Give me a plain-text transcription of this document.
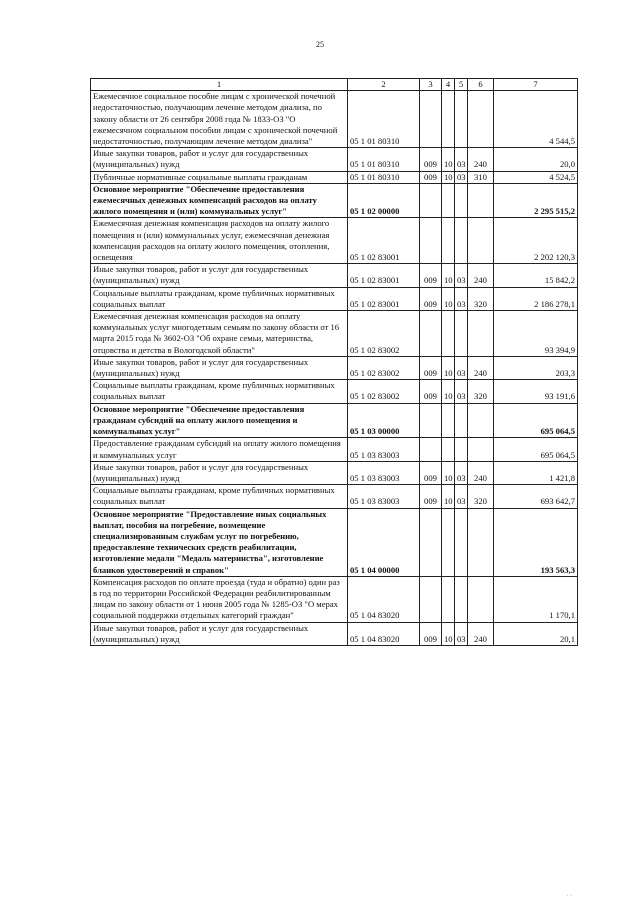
25
1	2	3	4	5	6	7
Ежемесячное социальное пособие лицам с хронической почечной недостаточностью, получающим лечение методом диализа, по закону области от 26 сентября 2008 года № 1833-ОЗ "О ежемесячном социальном пособии лицам с хронической почечной недостаточностью, получающим лечение методом диализа"	05 1 01 80310					4 544,5
Иные закупки товаров, работ и услуг для государственных (муниципальных) нужд	05 1 01 80310	009	10	03	240	20,0
Публичные нормативные социальные выплаты гражданам	05 1 01 80310	009	10	03	310	4 524,5
Основное мероприятие "Обеспечение предоставления ежемесячных денежных компенсаций расходов на оплату жилого помещения и (или) коммунальных услуг"	05 1 02 00000					2 295 515,2
Ежемесячная денежная компенсация расходов на оплату жилого помещения и (или) коммунальных услуг, ежемесячная денежная компенсация расходов на оплату жилого помещения, отопления, освещения	05 1 02 83001					2 202 120,3
Иные закупки товаров, работ и услуг для государственных (муниципальных) нужд	05 1 02 83001	009	10	03	240	15 842,2
Социальные выплаты гражданам, кроме публичных нормативных социальных выплат	05 1 02 83001	009	10	03	320	2 186 278,1
Ежемесячная денежная компенсация расходов на оплату коммунальных услуг многодетным семьям по закону области от 16 марта 2015 года № 3602-ОЗ "Об охране семьи, материнства, отцовства и детства в Вологодской области"	05 1 02 83002					93 394,9
Иные закупки товаров, работ и услуг для государственных (муниципальных) нужд	05 1 02 83002	009	10	03	240	203,3
Социальные выплаты гражданам, кроме публичных нормативных социальных выплат	05 1 02 83002	009	10	03	320	93 191,6
Основное мероприятие "Обеспечение предоставления гражданам субсидий на оплату жилого помещения и коммунальных услуг"	05 1 03 00000					695 064,5
Предоставление гражданам субсидий на оплату жилого помещения и коммунальных услуг	05 1 03 83003					695 064,5
Иные закупки товаров, работ и услуг для государственных (муниципальных) нужд	05 1 03 83003	009	10	03	240	1 421,8
Социальные выплаты гражданам, кроме публичных нормативных социальных выплат	05 1 03 83003	009	10	03	320	693 642,7
Основное мероприятие "Предоставление иных социальных выплат, пособия на погребение, возмещение специализированным службам услуг по погребению, предоставление технических средств реабилитации, изготовление медали "Медаль материнства", изготовление бланков удостоверений и справок"	05 1 04 00000					193 563,3
Компенсация расходов по оплате проезда (туда и обратно) один раз в год по территории Российской Федерации реабилитированным лицам по закону области от 1 июня 2005 года № 1285-ОЗ "О мерах социальной поддержки отдельных категорий граждан"	05 1 04 83020					1 170,1
Иные закупки товаров, работ и услуг для государственных (муниципальных) нужд	05 1 04 83020	009	10	03	240	20,1
· ·
